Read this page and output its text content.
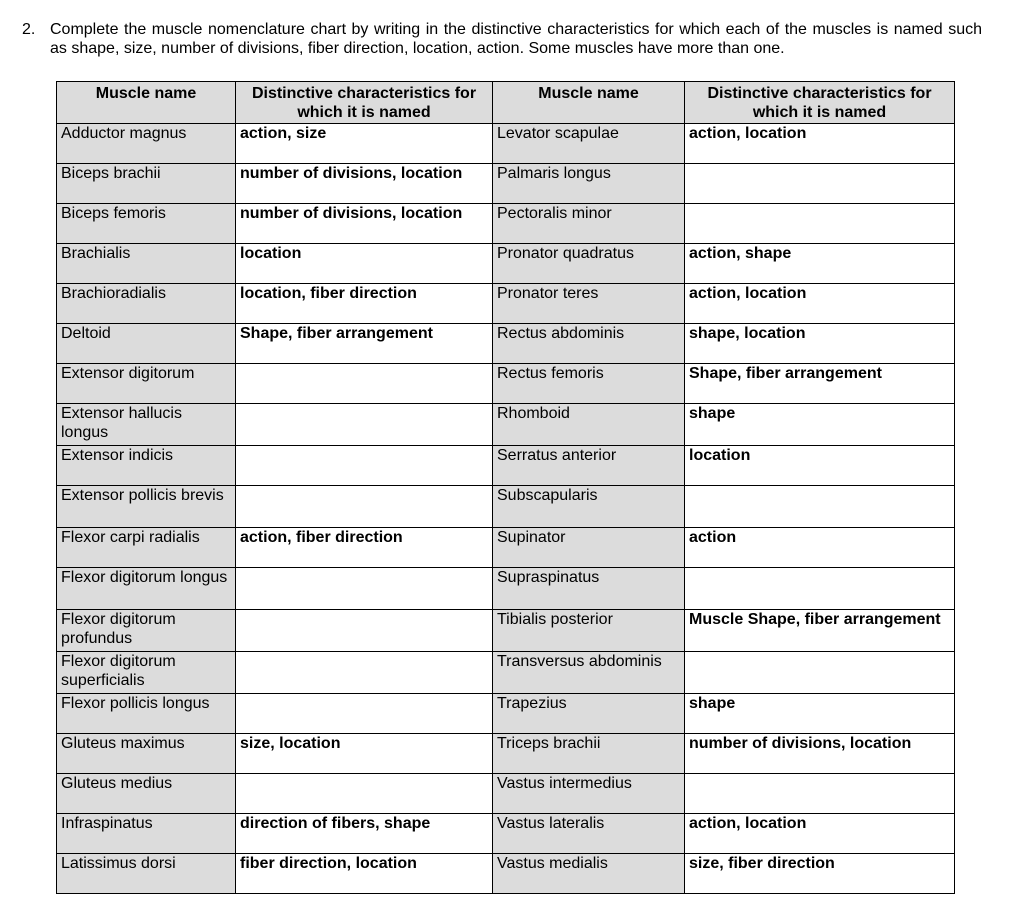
2. Complete the muscle nomenclature chart by writing in the distinctive characteristics for which each of the muscles is named such as shape, size, number of divisions, fiber direction, location, action. Some muscles have more than one.
Muscle name	Distinctive characteristics for which it is named	Muscle name	Distinctive characteristics for which it is named
Adductor magnus	action, size	Levator scapulae	action, location
Biceps brachii	number of divisions, location	Palmaris longus	
Biceps femoris	number of divisions, location	Pectoralis minor	
Brachialis	location	Pronator quadratus	action, shape
Brachioradialis	location, fiber direction	Pronator teres	action, location
Deltoid	Shape, fiber arrangement	Rectus abdominis	shape, location
Extensor digitorum		Rectus femoris	Shape, fiber arrangement
Extensor hallucis longus		Rhomboid	shape
Extensor indicis		Serratus anterior	location
Extensor pollicis brevis		Subscapularis	
Flexor carpi radialis	action, fiber direction	Supinator	action
Flexor digitorum longus		Supraspinatus	
Flexor digitorum profundus		Tibialis posterior	Muscle Shape, fiber arrangement
Flexor digitorum superficialis		Transversus abdominis	
Flexor pollicis longus		Trapezius	shape
Gluteus maximus	size, location	Triceps brachii	number of divisions, location
Gluteus medius		Vastus intermedius	
Infraspinatus	direction of fibers, shape	Vastus lateralis	action, location
Latissimus dorsi	fiber direction, location	Vastus medialis	size, fiber direction
